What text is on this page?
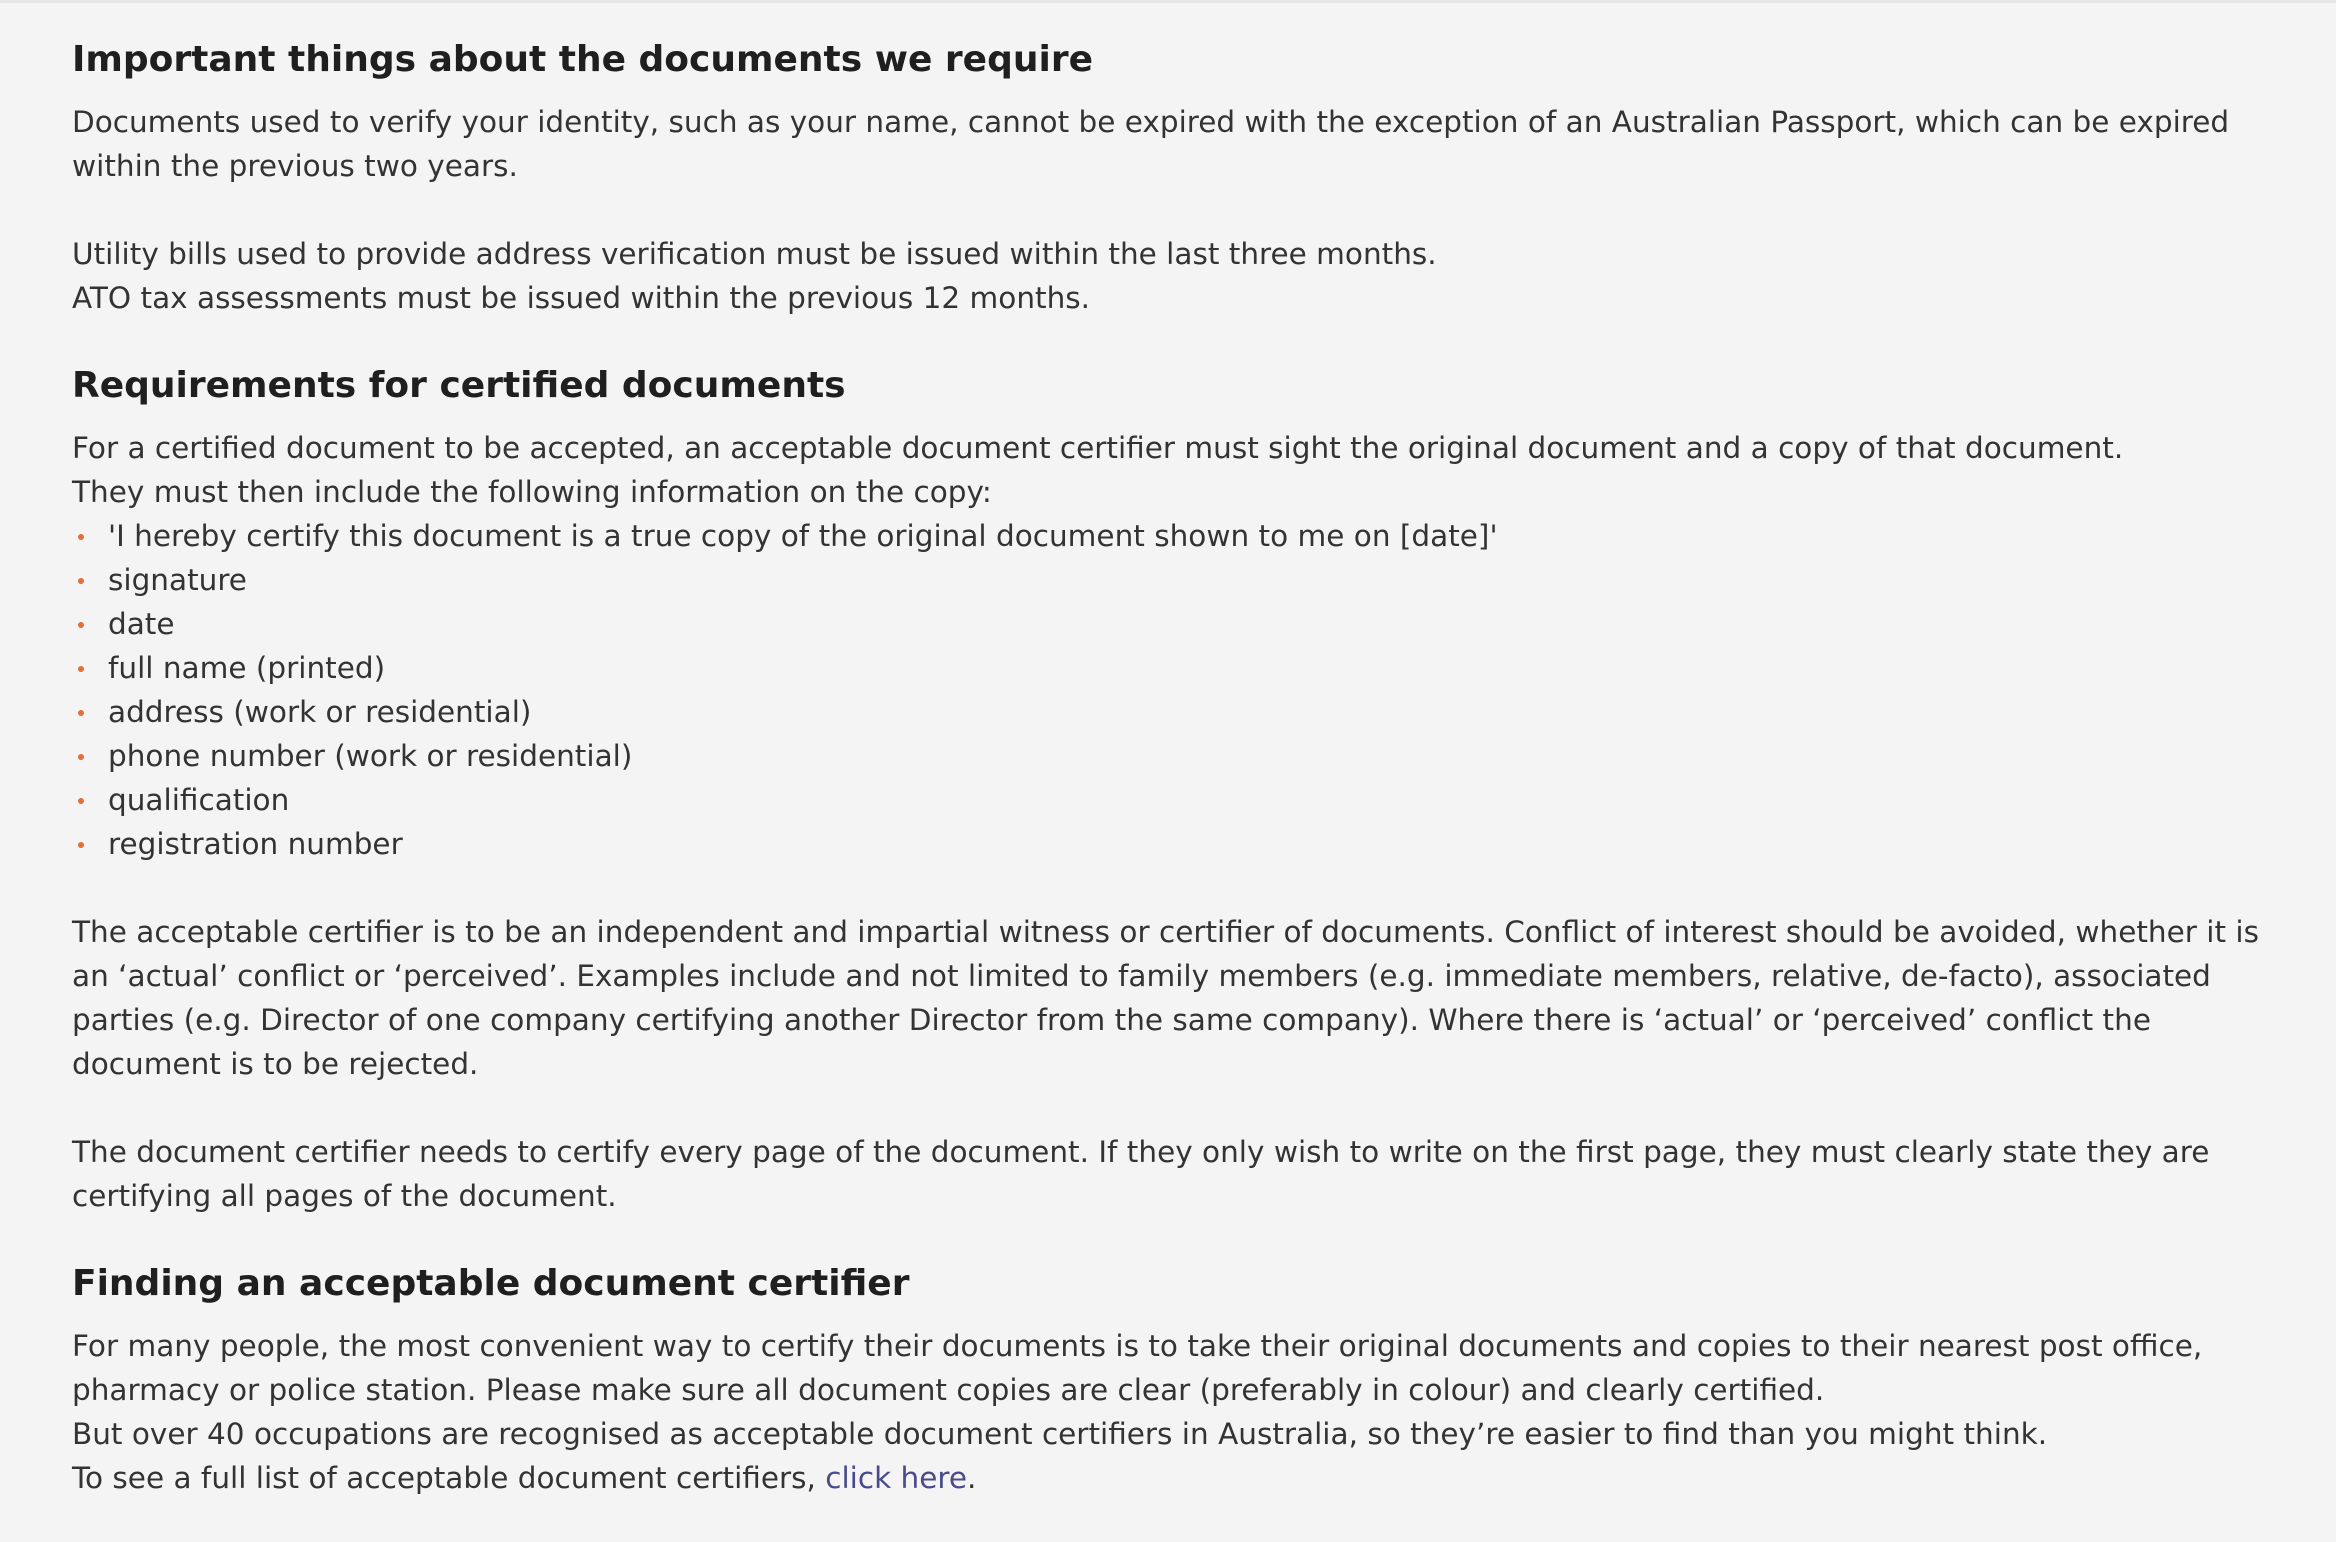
Important things about the documents we require

Documents used to verify your identity, such as your name, cannot be expired with the exception of an Australian Passport, which can be expired within the previous two years.

Utility bills used to provide address verification must be issued within the last three months.

ATO tax assessments must be issued within the previous 12 months.

Requirements for certified documents

For a certified document to be accepted, an acceptable document certifier must sight the original document and a copy of that document.

They must then include the following information on the copy:

'I hereby certify this document is a true copy of the original document shown to me on [date]'
signature
date
full name (printed)
address (work or residential)
phone number (work or residential)
qualification
registration number

The acceptable certifier is to be an independent and impartial witness or certifier of documents. Conflict of interest should be avoided, whether it is an ‘actual’ conflict or ‘perceived’. Examples include and not limited to family members (e.g. immediate members, relative, de-facto), associated parties (e.g. Director of one company certifying another Director from the same company). Where there is ‘actual’ or ‘perceived’ conflict the document is to be rejected.

The document certifier needs to certify every page of the document. If they only wish to write on the first page, they must clearly state they are certifying all pages of the document.

Finding an acceptable document certifier

For many people, the most convenient way to certify their documents is to take their original documents and copies to their nearest post office, pharmacy or police station. Please make sure all document copies are clear (preferably in colour) and clearly certified.

But over 40 occupations are recognised as acceptable document certifiers in Australia, so they’re easier to find than you might think.

To see a full list of acceptable document certifiers, click here.
